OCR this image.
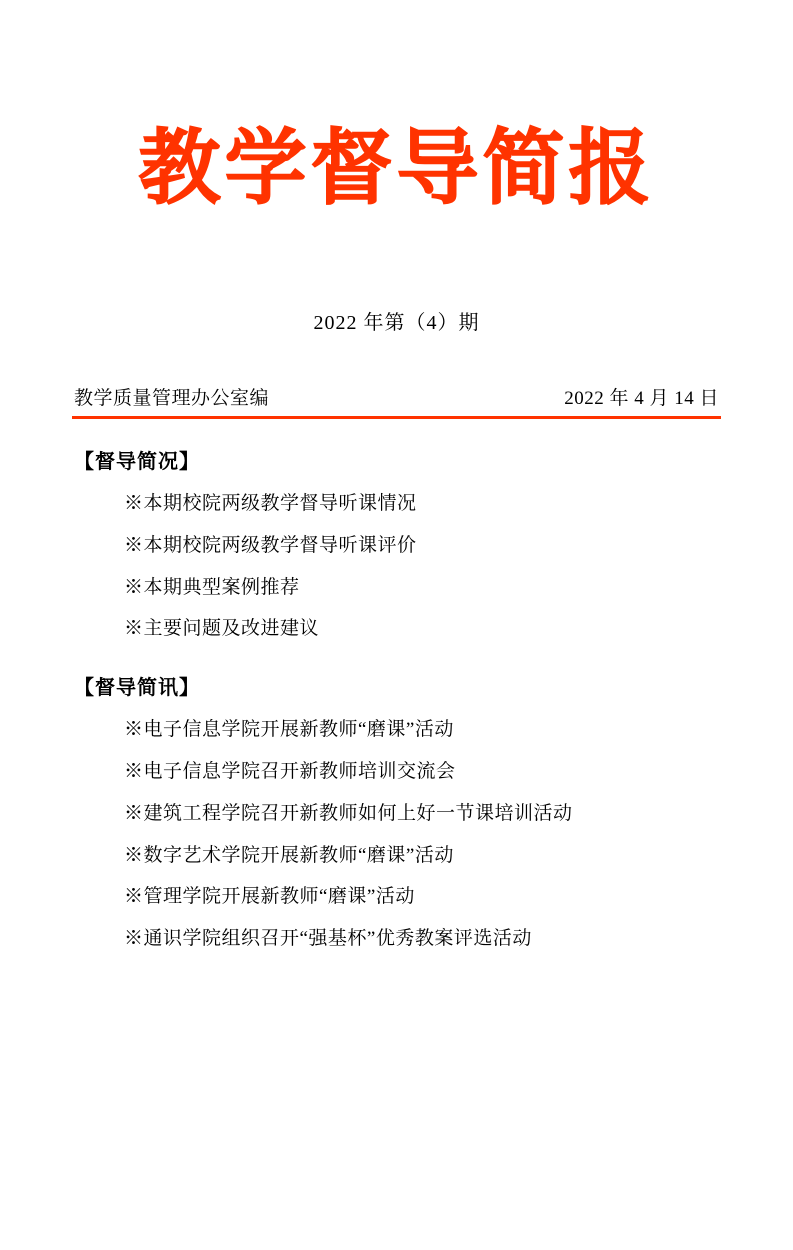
教学督导简报
2022 年第（4）期
教学质量管理办公室编	2022 年 4 月 14 日
【督导简况】
※本期校院两级教学督导听课情况
※本期校院两级教学督导听课评价
※本期典型案例推荐
※主要问题及改进建议
【督导简讯】
※电子信息学院开展新教师“磨课”活动
※电子信息学院召开新教师培训交流会
※建筑工程学院召开新教师如何上好一节课培训活动
※数字艺术学院开展新教师“磨课”活动
※管理学院开展新教师“磨课”活动
※通识学院组织召开“强基杯”优秀教案评选活动
